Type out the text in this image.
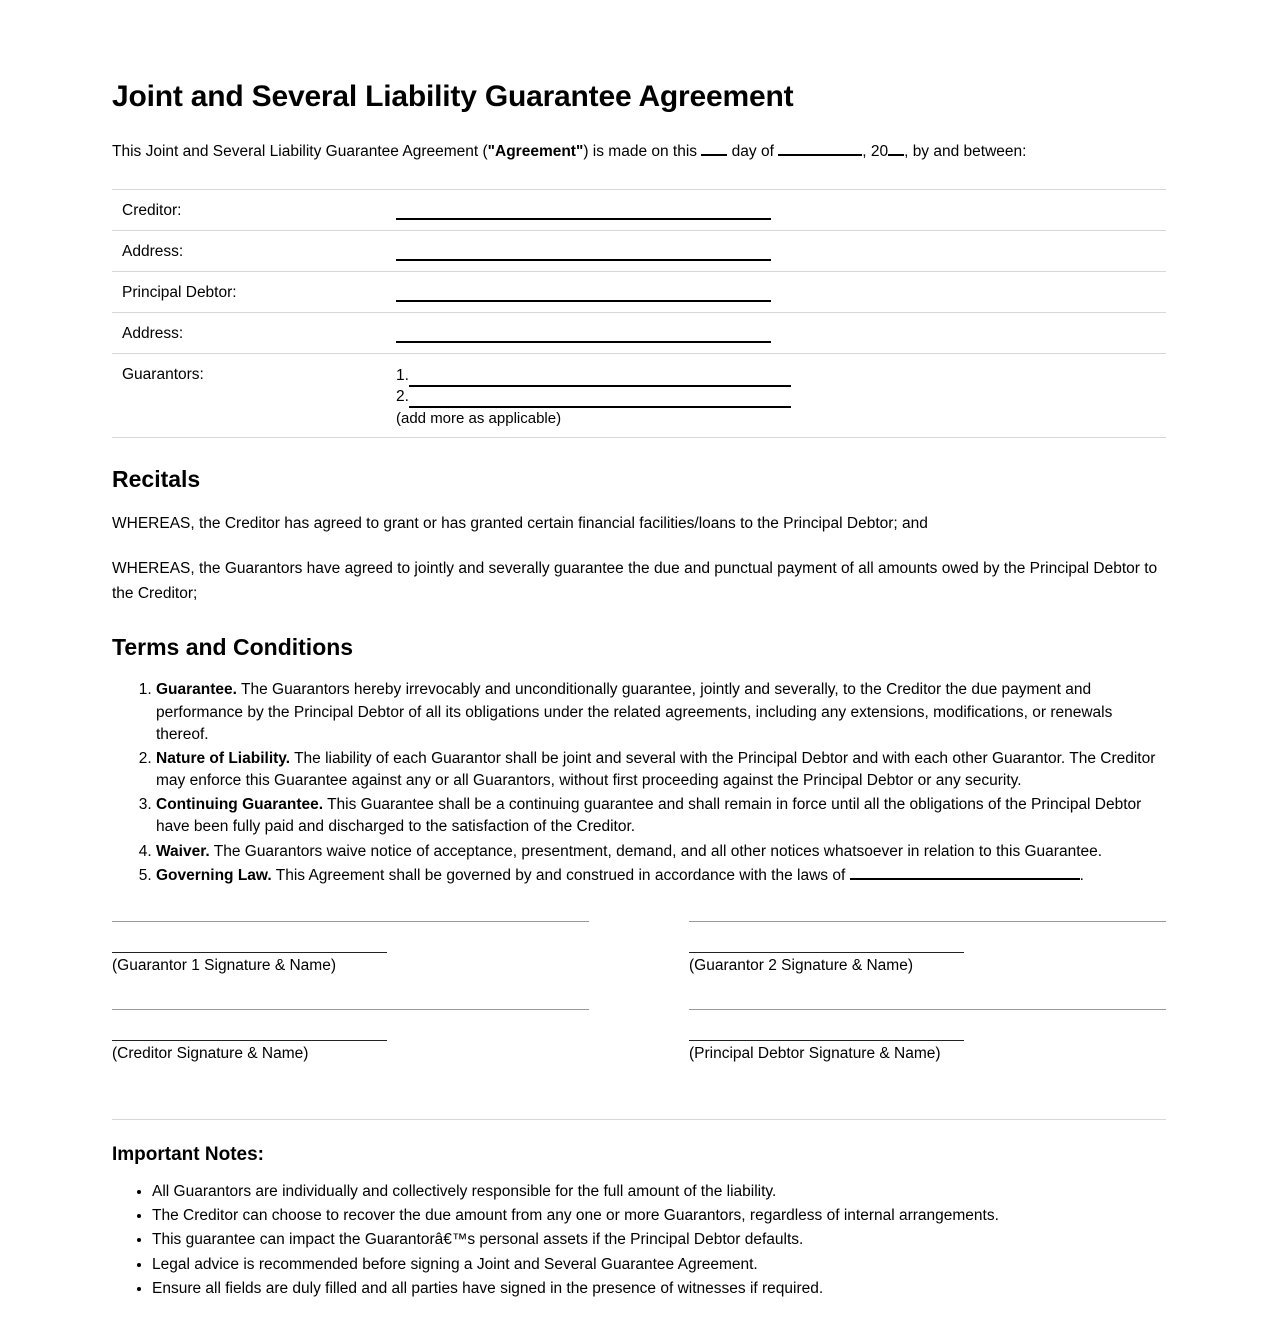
Joint and Several Liability Guarantee Agreement

This Joint and Several Liability Guarantee Agreement ("Agreement") is made on this day of	, 20 , by and between:

Creditor:	
Address:	
Principal Debtor:	
Address:	
Guarantors:	1.
2.
(add more as applicable)
Recitals

WHEREAS, the Creditor has agreed to grant or has granted certain financial facilities/loans to the Principal Debtor; and

WHEREAS, the Guarantors have agreed to jointly and severally guarantee the due and punctual payment of all amounts owed by the Principal Debtor to the Creditor;

Terms and Conditions
1. Guarantee. The Guarantors hereby irrevocably and unconditionally guarantee, jointly and severally, to the Creditor the due payment and performance by the Principal Debtor of all its obligations under the related agreements, including any extensions, modifications, or renewals thereof.
2. Nature of Liability. The liability of each Guarantor shall be joint and several with the Principal Debtor and with each other Guarantor. The Creditor may enforce this Guarantee against any or all Guarantors, without first proceeding against the Principal Debtor or any security.
3. Continuing Guarantee. This Guarantee shall be a continuing guarantee and shall remain in force until all the obligations of the Principal Debtor have been fully paid and discharged to the satisfaction of the Creditor.
4. Waiver. The Guarantors waive notice of acceptance, presentment, demand, and all other notices whatsoever in relation to this Guarantee.
5. Governing Law. This Agreement shall be governed by and construed in accordance with the laws of	.
(Guarantor 1 Signature & Name)
(Creditor Signature & Name)
(Guarantor 2 Signature & Name)
(Principal Debtor Signature & Name)
Important Notes:
• All Guarantors are individually and collectively responsible for the full amount of the liability.
• The Creditor can choose to recover the due amount from any one or more Guarantors, regardless of internal arrangements.
• This guarantee can impact the Guarantorâ€™s personal assets if the Principal Debtor defaults.
• Legal advice is recommended before signing a Joint and Several Guarantee Agreement.
• Ensure all fields are duly filled and all parties have signed in the presence of witnesses if required.
